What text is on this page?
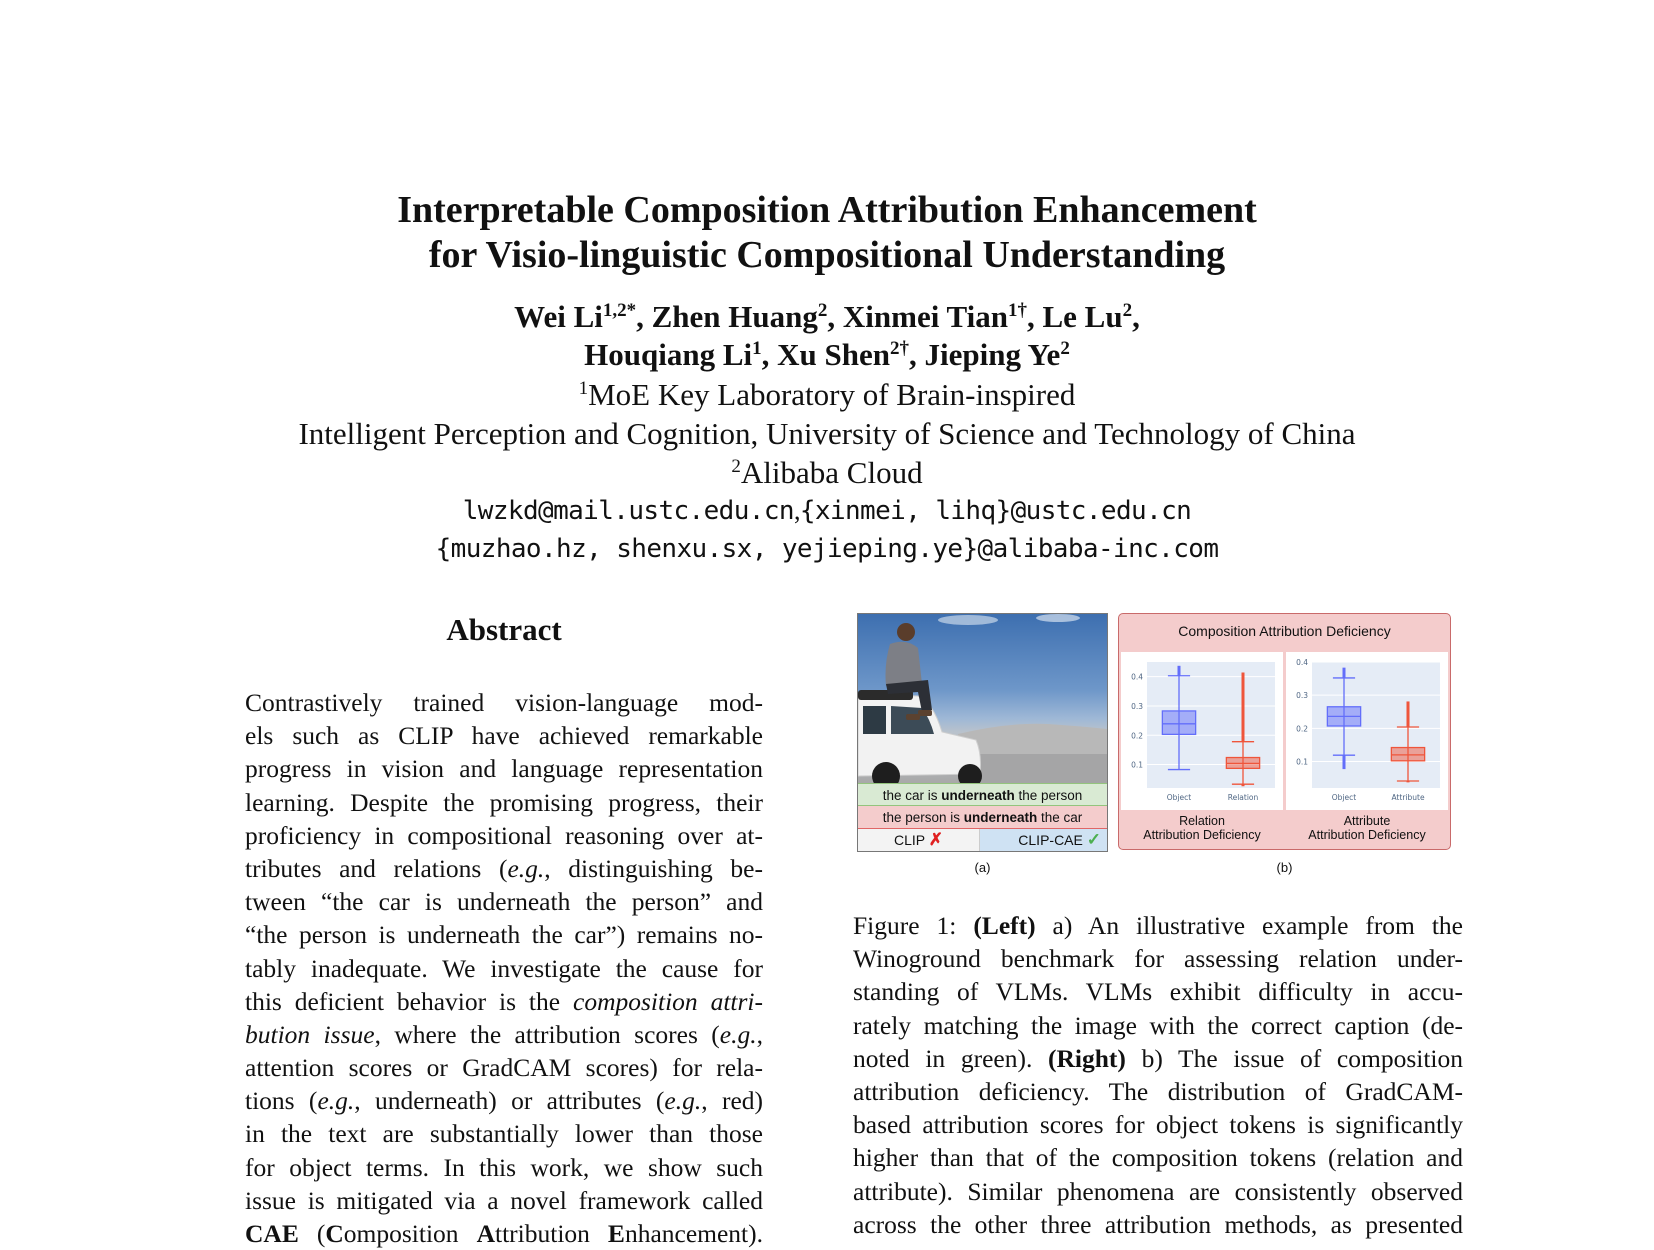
Interpretable Composition Attribution Enhancement
for Visio-linguistic Compositional Understanding
Wei $Li^{1,2*}$, Zhen Huang$^2$, Xinmei Tian$^{1\dagger}$, Le Lu$^2$,
Houqiang Li$^1$, Xu Shen$^{2\dagger}$, Jieping Ye$^2$
$^1$MoE Key Laboratory of Brain-inspired
Intelligent Perception and Cognition, University of Science and Technology of China
$^2$Alibaba Cloud
lwzkd@mail.ustc.edu.cn,{xinmei, lihq}@ustc.edu.cn
{muzhao.hz, shenxu.sx, yejieping.ye}@alibaba-inc.com
Abstract
Contrastively trained vision-language mod-
els such as CLIP have achieved remarkable
progress in vision and language representation
learning. Despite the promising progress, their
proficiency in compositional reasoning over at-
tributes and relations (e.g., distinguishing be-
tween “the car is underneath the person” and
“the person is underneath the car”) remains no-
tably inadequate. We investigate the cause for
this deficient behavior is the composition attri-
bution issue, where the attribution scores (e.g.,
attention scores or GradCAM scores) for rela-
tions (e.g., underneath) or attributes (e.g., red)
in the text are substantially lower than those
for object terms. In this work, we show such
issue is mitigated via a novel framework called
CAE (Composition Attribution Enhancement).
the car is underneath the person
the person is underneath the car
CLIP ✗	CLIP-CAE ✓
(a)
Composition Attribution Deficiency
0.1
0.2
0.3
0.4
Object	Relation
0.1
0.2
0.3
0.4
Object	Attribute
Relation
Attribution Deficiency
Attribute
Attribution Deficiency
(b)
Figure 1: (Left) a) An illustrative example from the
Winoground benchmark for assessing relation under-
standing of VLMs. VLMs exhibit difficulty in accu-
rately matching the image with the correct caption (de-
noted in green). (Right) b) The issue of composition
attribution deficiency. The distribution of GradCAM-
based attribution scores for object tokens is significantly
higher than that of the composition tokens (relation and
attribute). Similar phenomena are consistently observed
across the other three attribution methods, as presented
